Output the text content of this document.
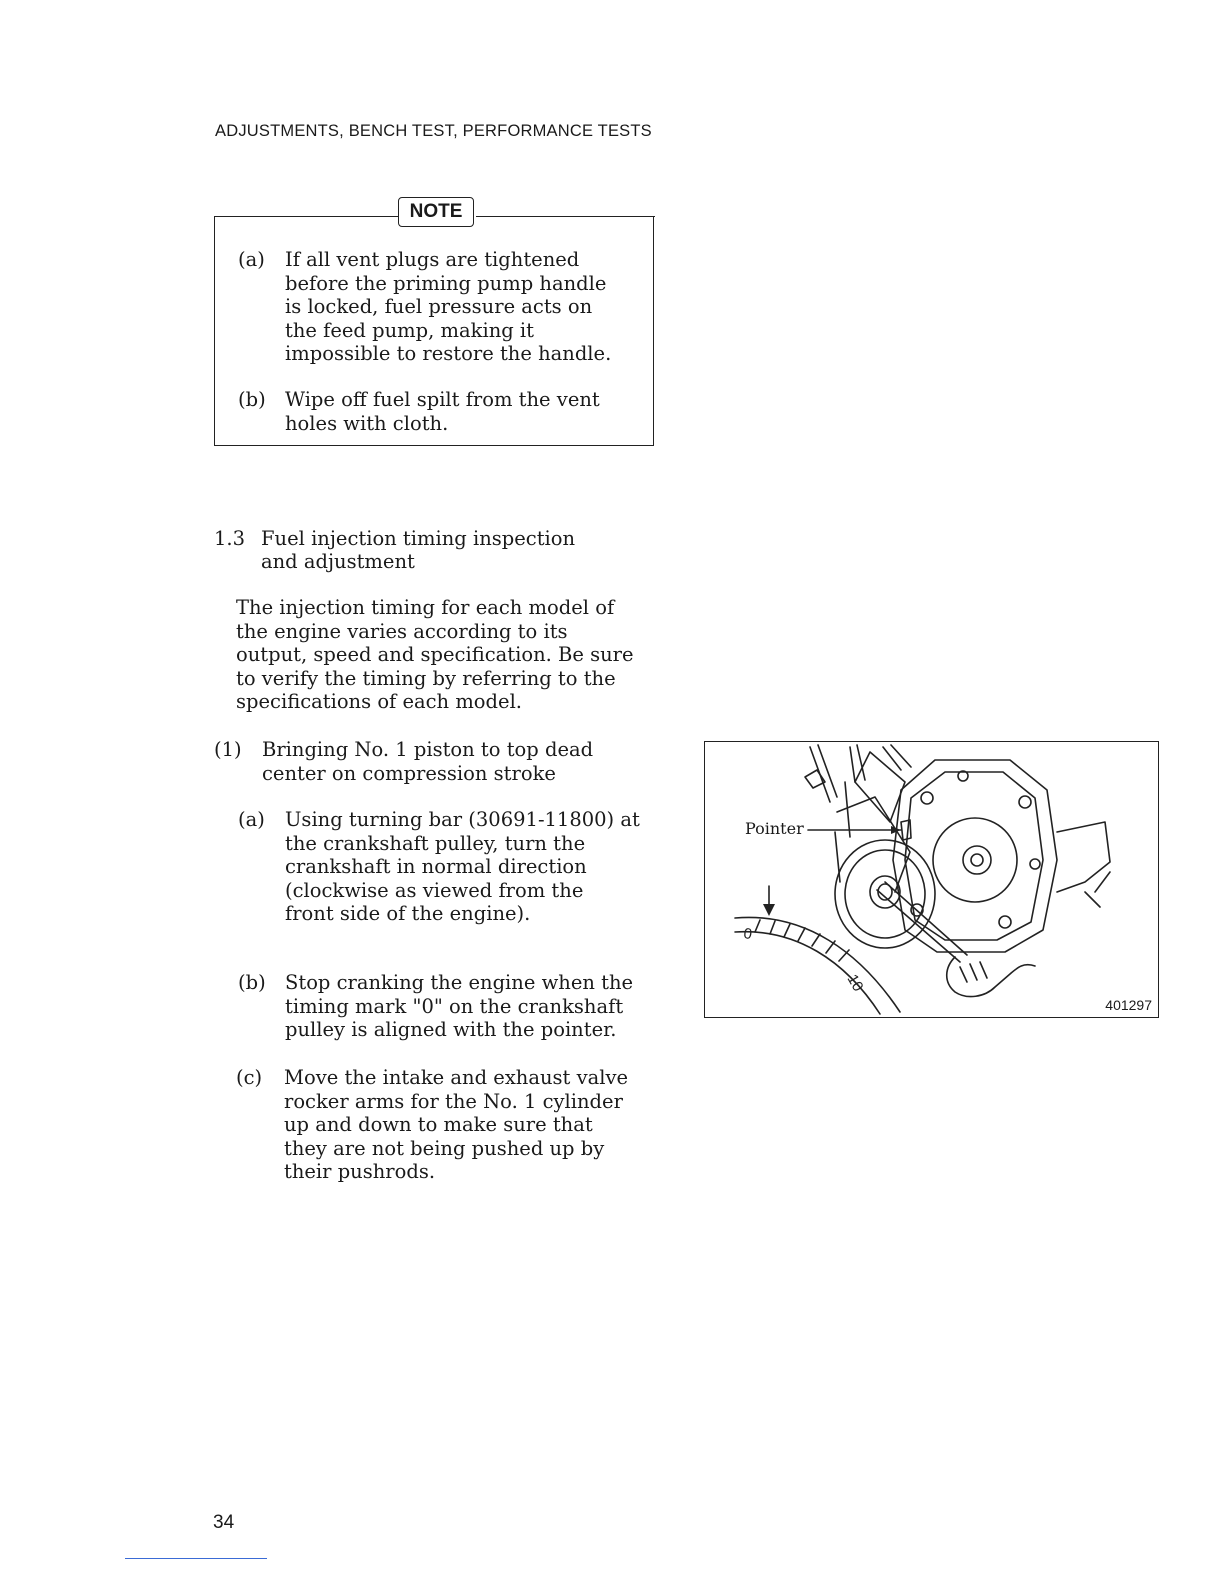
ADJUSTMENTS, BENCH TEST, PERFORMANCE TESTS
NOTE
(a) If all vent plugs are tightened
before the priming pump handle
is locked, fuel pressure acts on
the feed pump, making it
impossible to restore the handle.
(b) Wipe off fuel spilt from the vent
holes with cloth.
1.3 Fuel injection timing inspection
and adjustment
The injection timing for each model of
the engine varies according to its
output, speed and specification. Be sure
to verify the timing by referring to the
specifications of each model.
(1) Bringing No. 1 piston to top dead
center on compression stroke
(a) Using turning bar (30691-11800) at
the crankshaft pulley, turn the
crankshaft in normal direction
(clockwise as viewed from the
front side of the engine).
(b) Stop cranking the engine when the
timing mark "0" on the crankshaft
pulley is aligned with the pointer.
(c) Move the intake and exhaust valve
rocker arms for the No. 1 cylinder
up and down to make sure that
they are not being pushed up by
their pushrods.
0
10
Pointer
401297
34
